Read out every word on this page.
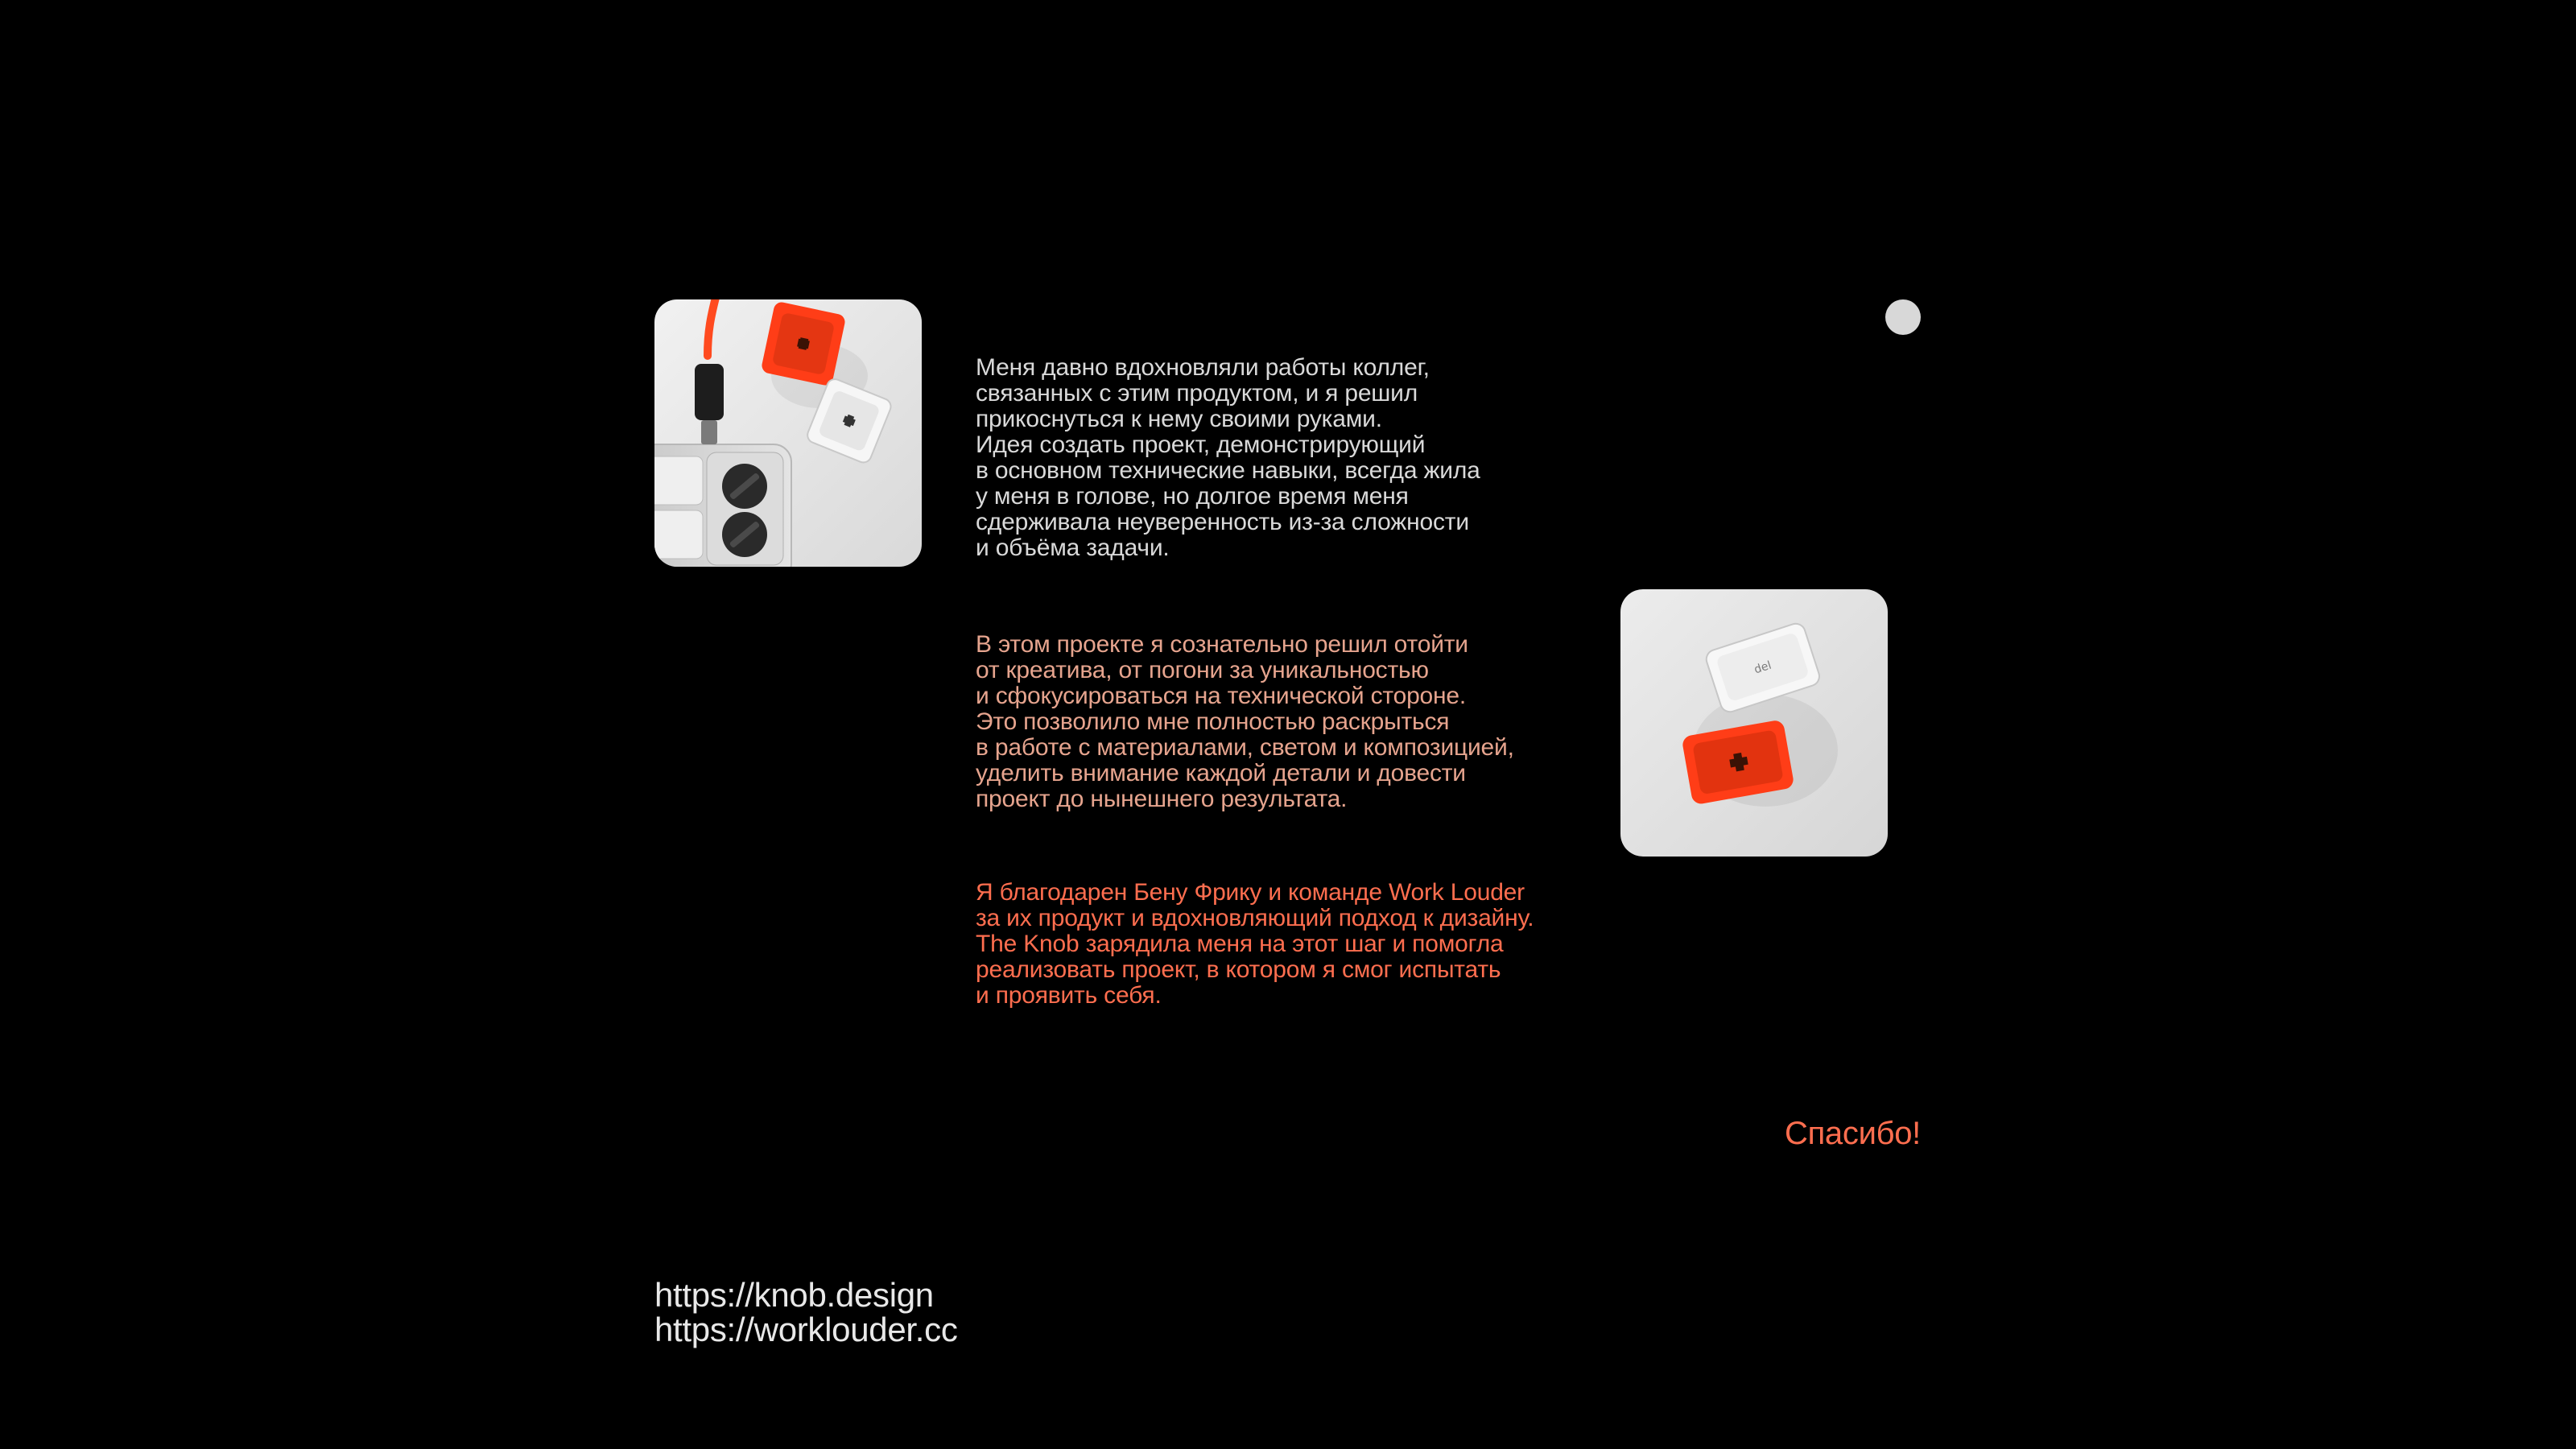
Меня давно вдохновляли работы коллег,
связанных с этим продуктом, и я решил
прикоснуться к нему своими руками.
Идея создать проект, демонстрирующий
в основном технические навыки, всегда жила
у меня в голове, но долгое время меня
сдерживала неуверенность из-за сложности
и объёма задачи.

del

В этом проекте я сознательно решил отойти
от креатива, от погони за уникальностью
и сфокусироваться на технической стороне.
Это позволило мне полностью раскрыться
в работе с материалами, светом и композицией,
уделить внимание каждой детали и довести
проект до нынешнего результата.

Я благодарен Бену Фрику и команде Work Louder
за их продукт и вдохновляющий подход к дизайну.
The Knob зарядила меня на этот шаг и помогла
реализовать проект, в котором я смог испытать
и проявить себя.

Спасибо!
https://knob.design
https://worklouder.cc
